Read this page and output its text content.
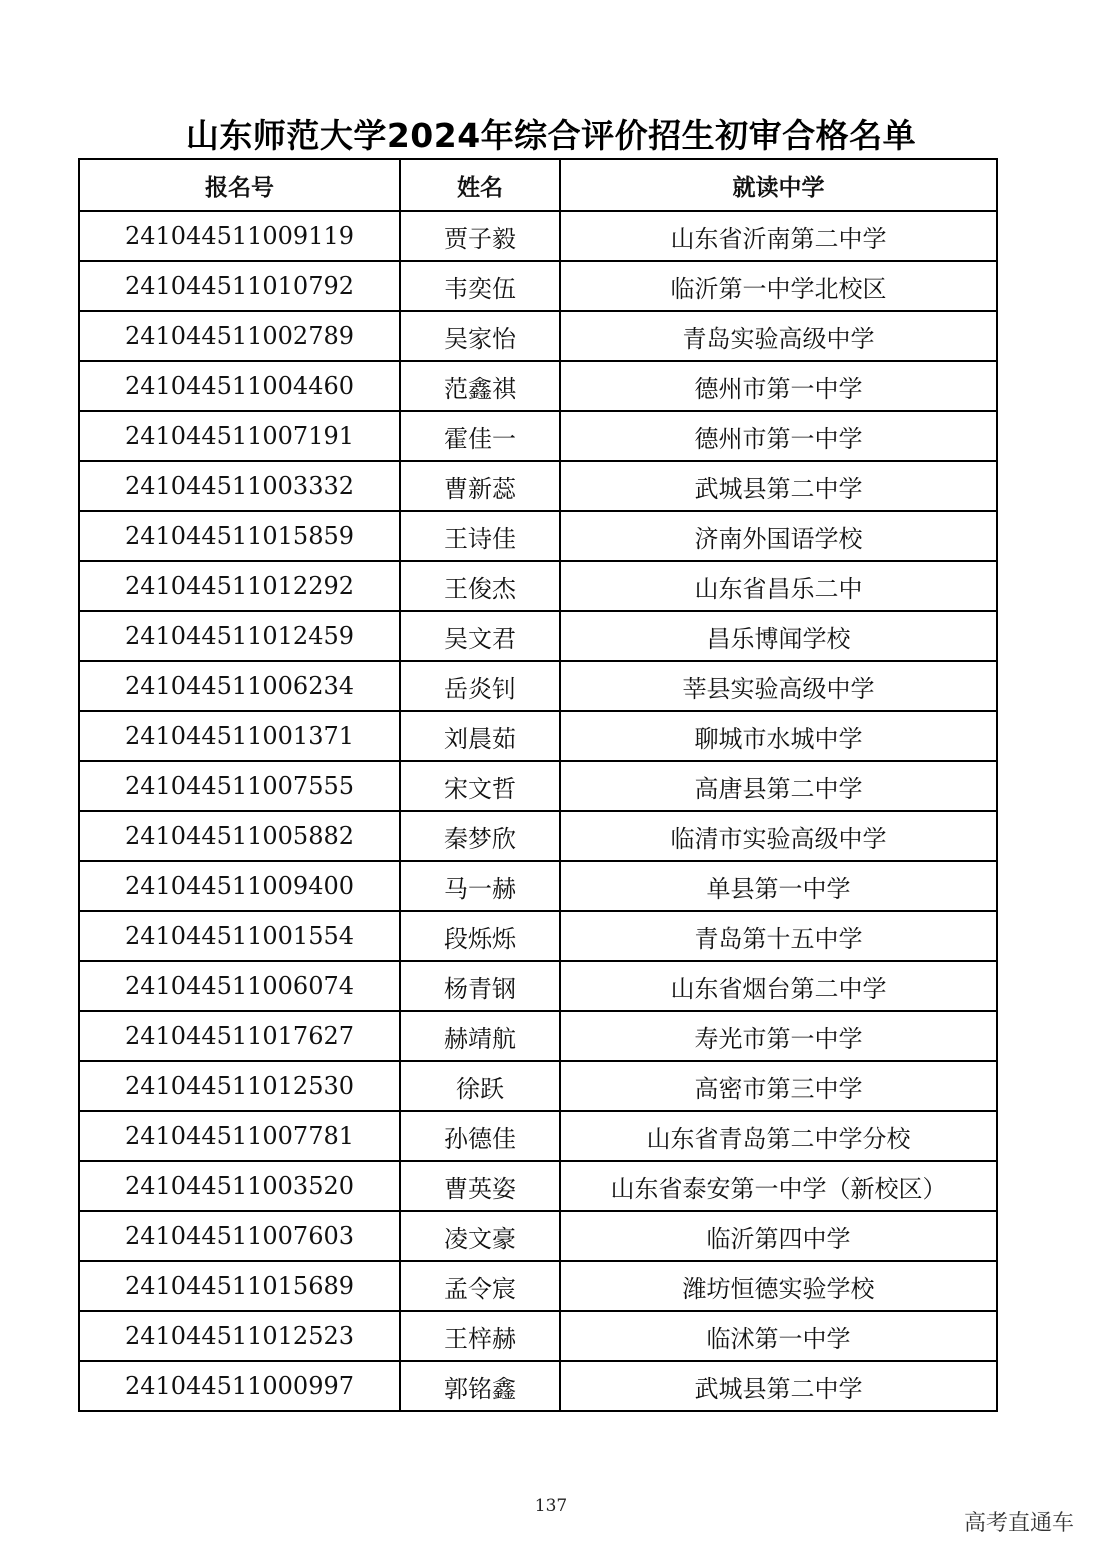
山东师范大学2024年综合评价招生初审合格名单
报名号	姓名	就读中学
241044511009119	贾子毅	山东省沂南第二中学
241044511010792	韦奕伍	临沂第一中学北校区
241044511002789	吴家怡	青岛实验高级中学
241044511004460	范鑫祺	德州市第一中学
241044511007191	霍佳一	德州市第一中学
241044511003332	曹新蕊	武城县第二中学
241044511015859	王诗佳	济南外国语学校
241044511012292	王俊杰	山东省昌乐二中
241044511012459	吴文君	昌乐博闻学校
241044511006234	岳炎钊	莘县实验高级中学
241044511001371	刘晨茹	聊城市水城中学
241044511007555	宋文哲	高唐县第二中学
241044511005882	秦梦欣	临清市实验高级中学
241044511009400	马一赫	单县第一中学
241044511001554	段烁烁	青岛第十五中学
241044511006074	杨青钢	山东省烟台第二中学
241044511017627	赫靖航	寿光市第一中学
241044511012530	徐跃	高密市第三中学
241044511007781	孙德佳	山东省青岛第二中学分校
241044511003520	曹英姿	山东省泰安第一中学（新校区）
241044511007603	凌文豪	临沂第四中学
241044511015689	孟令宸	潍坊恒德实验学校
241044511012523	王梓赫	临沭第一中学
241044511000997	郭铭鑫	武城县第二中学
137
高考直通车
